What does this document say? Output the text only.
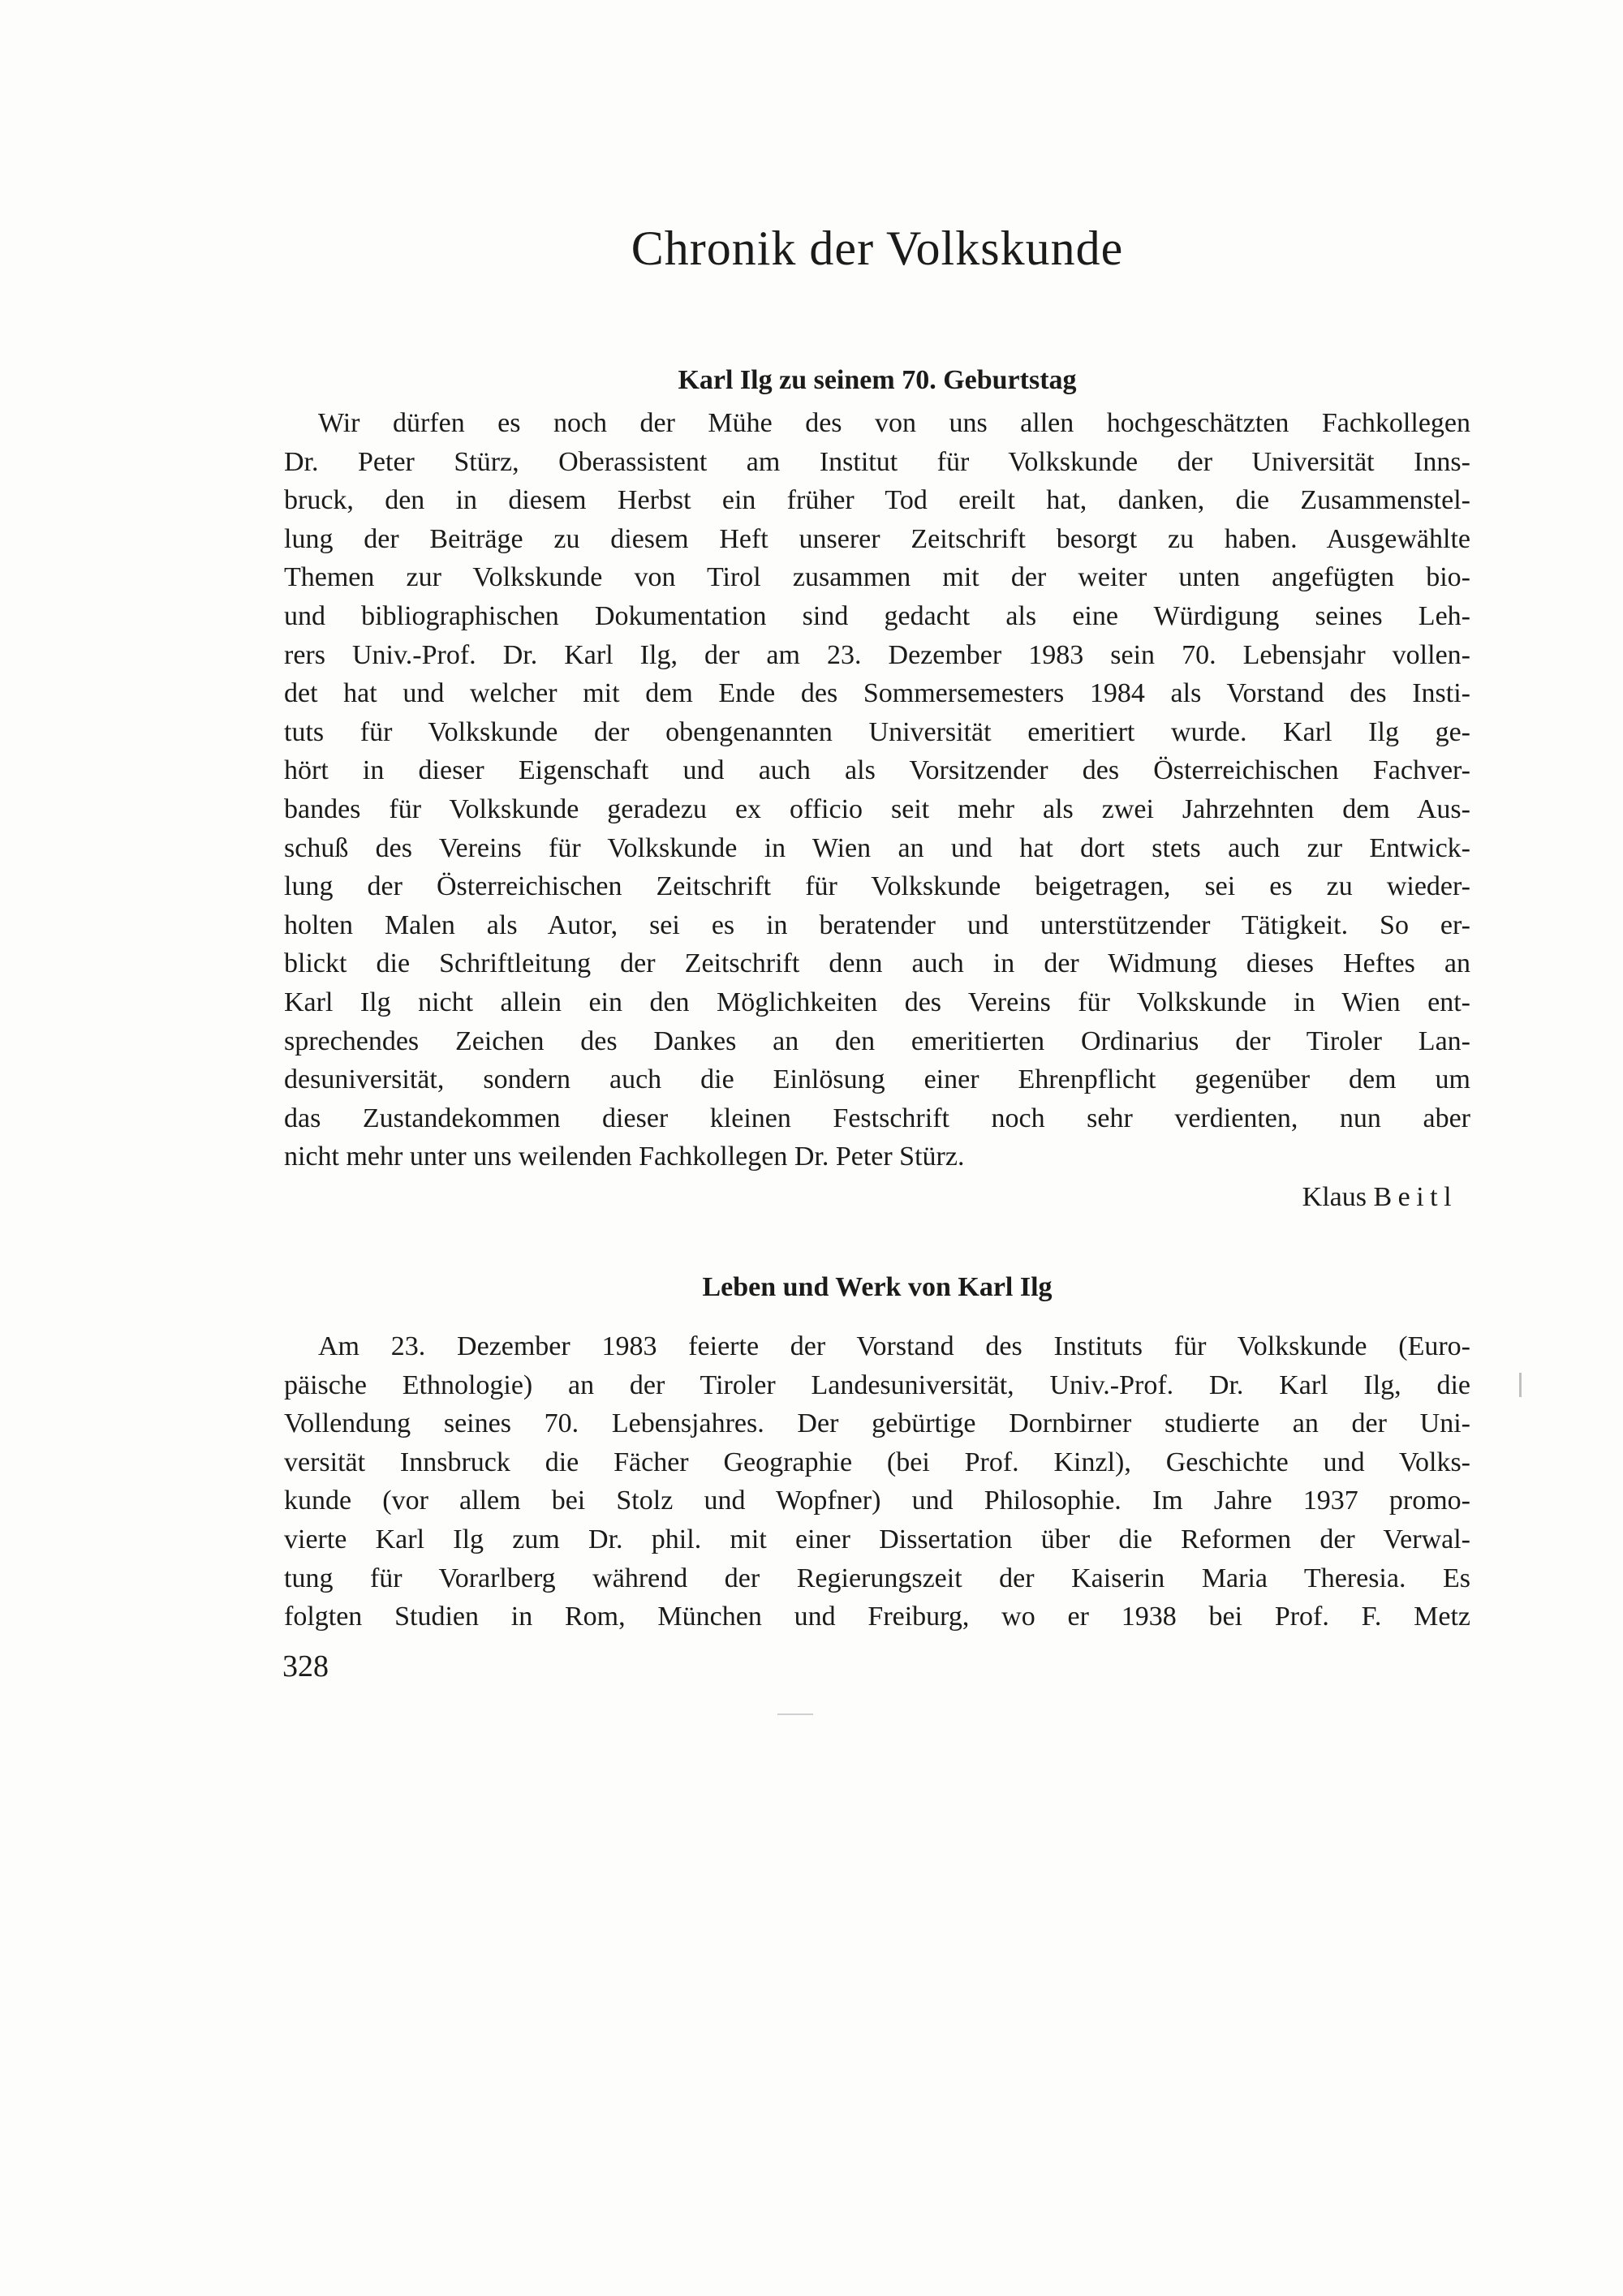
Chronik der Volkskunde
Karl Ilg zu seinem 70. Geburtstag
Wir dürfen es noch der Mühe des von uns allen hochgeschätzten Fachkollegen
Dr. Peter Stürz, Oberassistent am Institut für Volkskunde der Universität Inns-
bruck, den in diesem Herbst ein früher Tod ereilt hat, danken, die Zusammenstel-
lung der Beiträge zu diesem Heft unserer Zeitschrift besorgt zu haben. Ausgewählte
Themen zur Volkskunde von Tirol zusammen mit der weiter unten angefügten bio-
und bibliographischen Dokumentation sind gedacht als eine Würdigung seines Leh-
rers Univ.-Prof. Dr. Karl Ilg, der am 23. Dezember 1983 sein 70. Lebensjahr vollen-
det hat und welcher mit dem Ende des Sommersemesters 1984 als Vorstand des Insti-
tuts für Volkskunde der obengenannten Universität emeritiert wurde. Karl Ilg ge-
hört in dieser Eigenschaft und auch als Vorsitzender des Österreichischen Fachver-
bandes für Volkskunde geradezu ex officio seit mehr als zwei Jahrzehnten dem Aus-
schuß des Vereins für Volkskunde in Wien an und hat dort stets auch zur Entwick-
lung der Österreichischen Zeitschrift für Volkskunde beigetragen, sei es zu wieder-
holten Malen als Autor, sei es in beratender und unterstützender Tätigkeit. So er-
blickt die Schriftleitung der Zeitschrift denn auch in der Widmung dieses Heftes an
Karl Ilg nicht allein ein den Möglichkeiten des Vereins für Volkskunde in Wien ent-
sprechendes Zeichen des Dankes an den emeritierten Ordinarius der Tiroler Lan-
desuniversität, sondern auch die Einlösung einer Ehrenpflicht gegenüber dem um
das Zustandekommen dieser kleinen Festschrift noch sehr verdienten, nun aber
nicht mehr unter uns weilenden Fachkollegen Dr. Peter Stürz.
Klaus Beitl
Leben und Werk von Karl Ilg
Am 23. Dezember 1983 feierte der Vorstand des Instituts für Volkskunde (Euro-
päische Ethnologie) an der Tiroler Landesuniversität, Univ.-Prof. Dr. Karl Ilg, die
Vollendung seines 70. Lebensjahres. Der gebürtige Dornbirner studierte an der Uni-
versität Innsbruck die Fächer Geographie (bei Prof. Kinzl), Geschichte und Volks-
kunde (vor allem bei Stolz und Wopfner) und Philosophie. Im Jahre 1937 promo-
vierte Karl Ilg zum Dr. phil. mit einer Dissertation über die Reformen der Verwal-
tung für Vorarlberg während der Regierungszeit der Kaiserin Maria Theresia. Es
folgten Studien in Rom, München und Freiburg, wo er 1938 bei Prof. F. Metz
328
